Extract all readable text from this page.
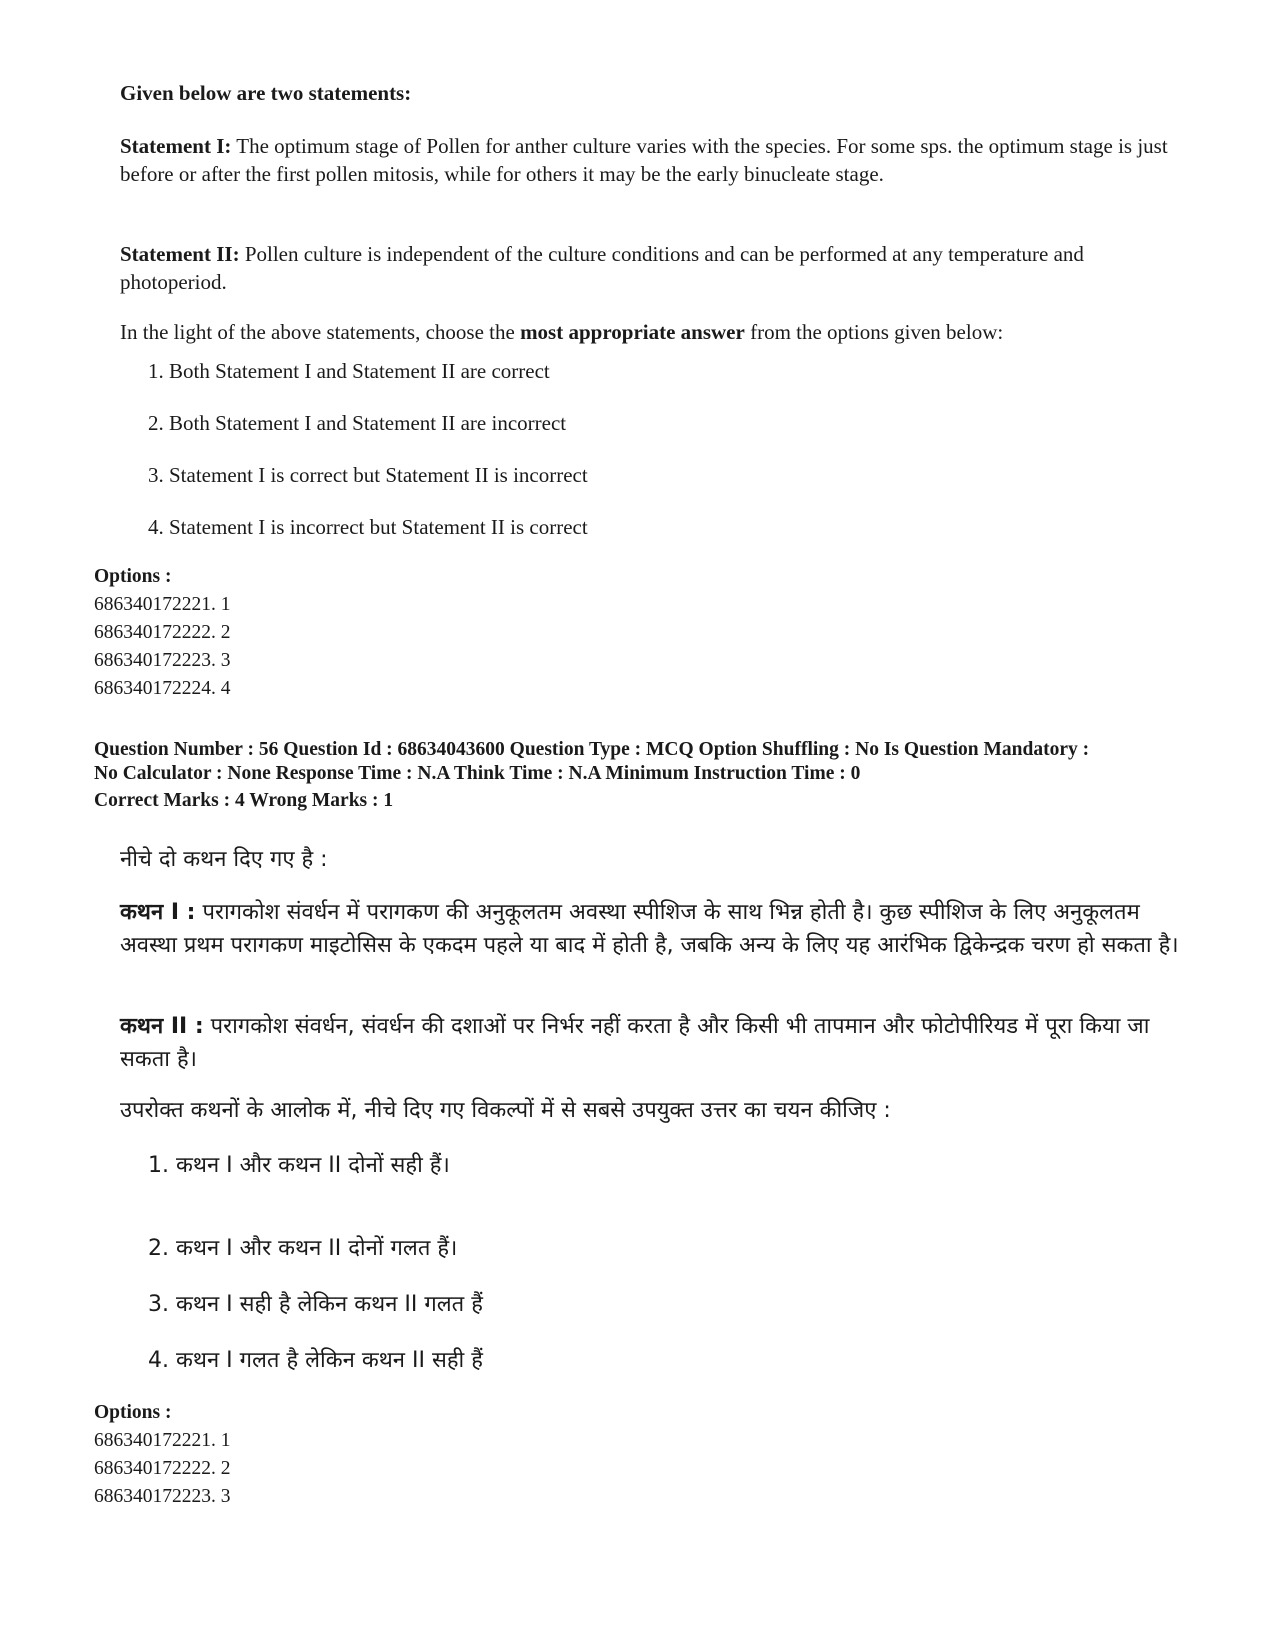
Given below are two statements:
Statement I: The optimum stage of Pollen for anther culture varies with the species. For some sps. the optimum stage is just before or after the first pollen mitosis, while for others it may be the early binucleate stage.
Statement II: Pollen culture is independent of the culture conditions and can be performed at any temperature and photoperiod.
In the light of the above statements, choose the most appropriate answer from the options given below:
1. Both Statement I and Statement II are correct
2. Both Statement I and Statement II are incorrect
3. Statement I is correct but Statement II is incorrect
4. Statement I is incorrect but Statement II is correct
Options :
686340172221. 1
686340172222. 2
686340172223. 3
686340172224. 4
Question Number : 56 Question Id : 68634043600 Question Type : MCQ Option Shuffling : No Is Question Mandatory :
No Calculator : None Response Time : N.A Think Time : N.A Minimum Instruction Time : 0
Correct Marks : 4 Wrong Marks : 1
नीचे दो कथन दिए गए है :
कथन I : परागकोश संवर्धन में परागकण की अनुकूलतम अवस्था स्पीशिज के साथ भिन्न होती है। कुछ स्पीशिज के लिए अनुकूलतम अवस्था प्रथम परागकण माइटोसिस के एकदम पहले या बाद में होती है, जबकि अन्य के लिए यह आरंभिक द्विकेन्द्रक चरण हो सकता है।
कथन II : परागकोश संवर्धन, संवर्धन की दशाओं पर निर्भर नहीं करता है और किसी भी तापमान और फोटोपीरियड में पूरा किया जा सकता है।
उपरोक्त कथनों के आलोक में, नीचे दिए गए विकल्पों में से सबसे उपयुक्त उत्तर का चयन कीजिए :
1. कथन I और कथन II दोनों सही हैं।
2. कथन I और कथन II दोनों गलत हैं।
3. कथन I सही है लेकिन कथन II गलत हैं
4. कथन I गलत है लेकिन कथन II सही हैं
Options :
686340172221. 1
686340172222. 2
686340172223. 3
